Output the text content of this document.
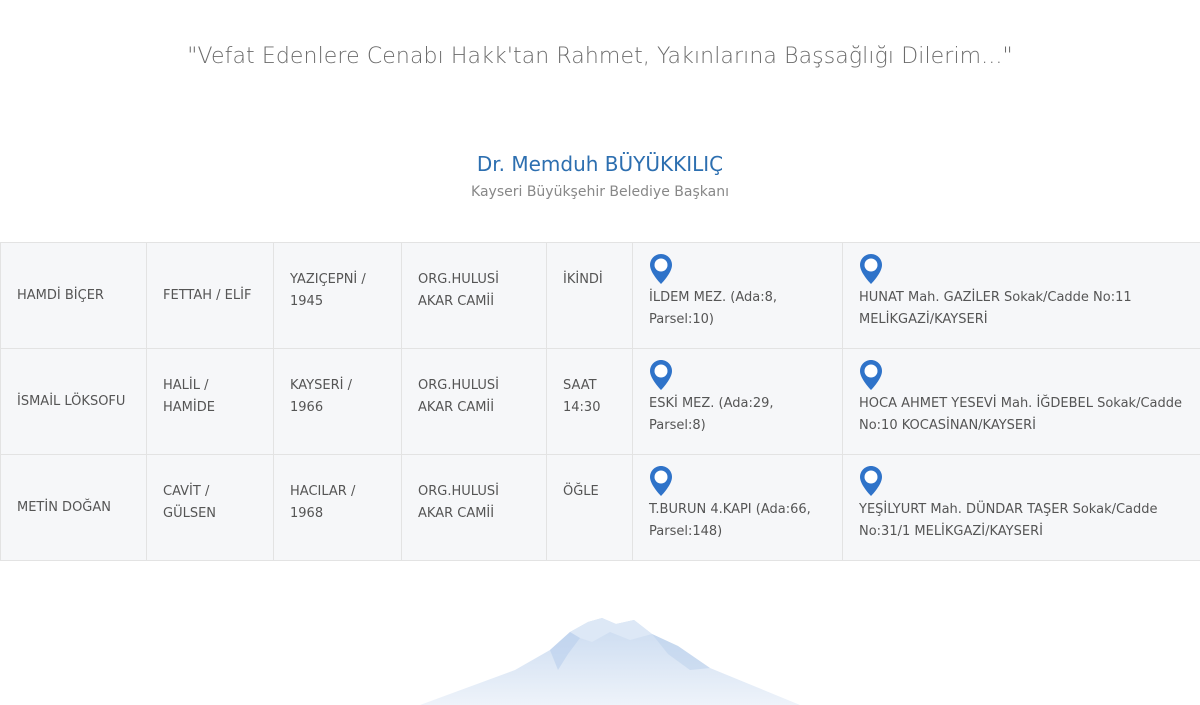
"Vefat Edenlere Cenabı Hakk'tan Rahmet, Yakınlarına Başsağlığı Dilerim..."
Dr. Memduh BÜYÜKKILIÇ
Kayseri Büyükşehir Belediye Başkanı
HAMDİ BİÇER	FETTAH / ELİF	YAZIÇEPNİ / 1945	ORG.HULUSİ AKAR CAMİİ	İKİNDİ	İLDEM MEZ. (Ada:8, Parsel:10)	HUNAT Mah. GAZİLER Sokak/Cadde No:11 MELİKGAZİ/KAYSERİ
İSMAİL LÖKSOFU	HALİL / HAMİDE	KAYSERİ / 1966	ORG.HULUSİ AKAR CAMİİ	SAAT 14:30	ESKİ MEZ. (Ada:29, Parsel:8)	HOCA AHMET YESEVİ Mah. İĞDEBEL Sokak/Cadde No:10 KOCASİNAN/KAYSERİ
METİN DOĞAN	CAVİT / GÜLSEN	HACILAR / 1968	ORG.HULUSİ AKAR CAMİİ	ÖĞLE	T.BURUN 4.KAPI (Ada:66, Parsel:148)	YEŞİLYURT Mah. DÜNDAR TAŞER Sokak/Cadde No:31/1 MELİKGAZİ/KAYSERİ
